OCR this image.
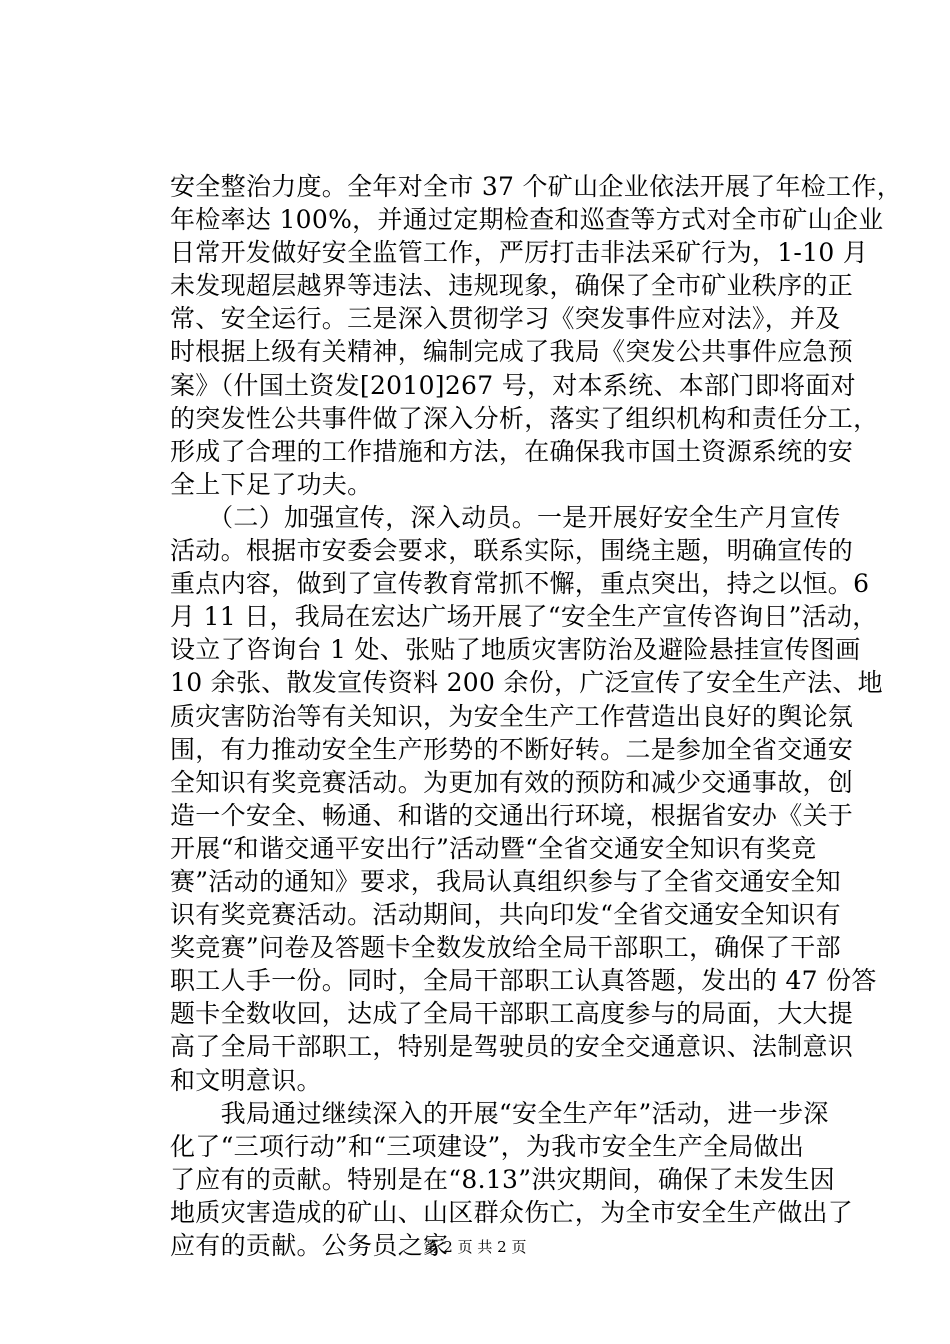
安全整治力度。全年对全市 37 个矿山企业依法开展了年检工作，
年检率达 100%，并通过定期检查和巡查等方式对全市矿山企业
日常开发做好安全监管工作，严厉打击非法采矿行为，1-10 月
未发现超层越界等违法、违规现象，确保了全市矿业秩序的正
常、安全运行。三是深入贯彻学习《突发事件应对法》，并及
时根据上级有关精神，编制完成了我局《突发公共事件应急预
案》（什国土资发[2010]267 号，对本系统、本部门即将面对
的突发性公共事件做了深入分析，落实了组织机构和责任分工，
形成了合理的工作措施和方法，在确保我市国土资源系统的安
全上下足了功夫。
　　（二）加强宣传，深入动员。一是开展好安全生产月宣传
活动。根据市安委会要求，联系实际，围绕主题，明确宣传的
重点内容，做到了宣传教育常抓不懈，重点突出，持之以恒。6
月 11 日，我局在宏达广场开展了“安全生产宣传咨询日”活动，
设立了咨询台 1 处、张贴了地质灾害防治及避险悬挂宣传图画
10 余张、散发宣传资料 200 余份，广泛宣传了安全生产法、地
质灾害防治等有关知识，为安全生产工作营造出良好的舆论氛
围，有力推动安全生产形势的不断好转。二是参加全省交通安
全知识有奖竞赛活动。为更加有效的预防和减少交通事故，创
造一个安全、畅通、和谐的交通出行环境，根据省安办《关于
开展“和谐交通平安出行”活动暨“全省交通安全知识有奖竞
赛”活动的通知》要求，我局认真组织参与了全省交通安全知
识有奖竞赛活动。活动期间，共向印发“全省交通安全知识有
奖竞赛”问卷及答题卡全数发放给全局干部职工，确保了干部
职工人手一份。同时，全局干部职工认真答题，发出的 47 份答
题卡全数收回，达成了全局干部职工高度参与的局面，大大提
高了全局干部职工，特别是驾驶员的安全交通意识、法制意识
和文明意识。
　　我局通过继续深入的开展“安全生产年”活动，进一步深
化了“三项行动”和“三项建设”，为我市安全生产全局做出
了应有的贡献。特别是在“8.13”洪灾期间，确保了未发生因
地质灾害造成的矿山、山区群众伤亡，为全市安全生产做出了
应有的贡献。公务员之家
第 2 页 共 2 页
